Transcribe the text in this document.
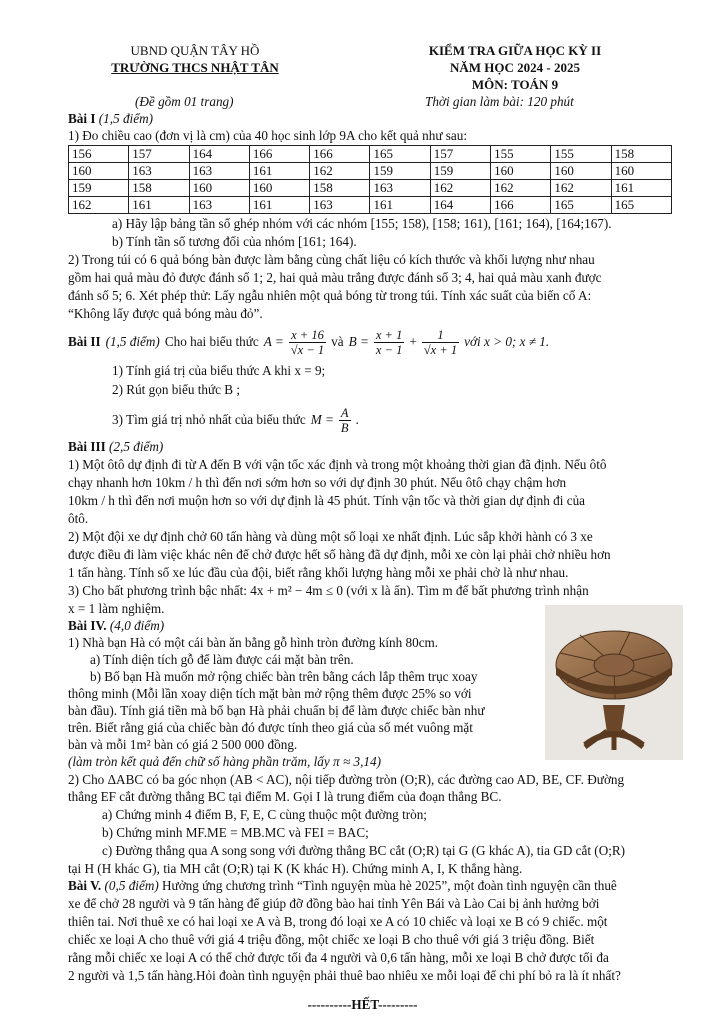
UBND QUẬN TÂY HỒ
TRƯỜNG THCS NHẬT TÂN
(Đề gồm 01 trang)
KIỂM TRA GIỮA HỌC KỲ II
NĂM HỌC 2024 - 2025
MÔN: TOÁN 9
Thời gian làm bài: 120 phút
Bài I (1,5 điểm)
1) Đo chiều cao (đơn vị là cm) của 40 học sinh lớp 9A cho kết quả như sau:
156	157	164	166	166	165	157	155	155	158
160	163	163	161	162	159	159	160	160	160
159	158	160	160	158	163	162	162	162	161
162	161	163	161	163	161	164	166	165	165
a) Hãy lập bảng tần số ghép nhóm với các nhóm [155; 158), [158; 161), [161; 164), [164;167).
b) Tính tần số tương đối của nhóm [161; 164).
2) Trong túi có 6 quả bóng bàn được làm bằng cùng chất liệu có kích thước và khối lượng như nhau
gồm hai quả màu đỏ được đánh số 1; 2, hai quả màu trắng được đánh số 3; 4, hai quả màu xanh được
đánh số 5; 6. Xét phép thử: Lấy ngẫu nhiên một quả bóng từ trong túi. Tính xác suất của biến cố A:
“Không lấy được quả bóng màu đỏ”.
Bài II (1,5 điểm) Cho hai biểu thức $A = \frac{x + 16}{√x - 1}$ và $B = \frac{x + 1}{x - 1} + \frac{1}{√x + 1}$ với x > 0; x ≠ 1.
1) Tính giá trị của biểu thức A khi x = 9;
2) Rút gọn biểu thức B ;
3) Tìm giá trị nhỏ nhất của biểu thức $M = \frac{A}{B}$ .
Bài III (2,5 điểm)
1) Một ôtô dự định đi từ A đến B với vận tốc xác định và trong một khoảng thời gian đã định. Nếu ôtô
chạy nhanh hơn 10km / h thì đến nơi sớm hơn so với dự định 30 phút. Nếu ôtô chạy chậm hơn
10km / h thì đến nơi muộn hơn so với dự định là 45 phút. Tính vận tốc và thời gian dự định đi của
ôtô.
2) Một đội xe dự định chở 60 tấn hàng và dùng một số loại xe nhất định. Lúc sắp khởi hành có 3 xe
được điều đi làm việc khác nên để chở được hết số hàng đã dự định, mỗi xe còn lại phải chở nhiều hơn
1 tấn hàng. Tính số xe lúc đầu của đội, biết rằng khối lượng hàng mỗi xe phải chở là như nhau.
3) Cho bất phương trình bậc nhất: 4x + m² − 4m ≤ 0 (với x là ẩn). Tìm m để bất phương trình nhận
x = 1 làm nghiệm.
Bài IV. (4,0 điểm)
1) Nhà bạn Hà có một cái bàn ăn bằng gỗ hình tròn đường kính 80cm.
a) Tính diện tích gỗ để làm được cái mặt bàn trên.
b) Bố bạn Hà muốn mở rộng chiếc bàn trên bằng cách lắp thêm trục xoay
thông minh (Mỗi lần xoay diện tích mặt bàn mở rộng thêm được 25% so với
bàn đầu). Tính giá tiền mà bố bạn Hà phải chuẩn bị để làm được chiếc bàn như
trên. Biết rằng giá của chiếc bàn đó được tính theo giá của số mét vuông mặt
bàn và mỗi 1m² bàn có giá 2 500 000 đồng.
(làm tròn kết quả đến chữ số hàng phần trăm, lấy π ≈ 3,14)
2) Cho ΔABC có ba góc nhọn (AB < AC), nội tiếp đường tròn (O;R), các đường cao AD, BE, CF. Đường
thẳng EF cắt đường thẳng BC tại điểm M. Gọi I là trung điểm của đoạn thẳng BC.
a) Chứng minh 4 điểm B, F, E, C cùng thuộc một đường tròn;
b) Chứng minh MF.ME = MB.MC và FEI = BAC;
c) Đường thẳng qua A song song với đường thẳng BC cắt (O;R) tại G (G khác A), tia GD cắt (O;R)
tại H (H khác G), tia MH cắt (O;R) tại K (K khác H). Chứng minh A, I, K thẳng hàng.
Bài V. (0,5 điểm) Hưởng ứng chương trình “Tình nguyện mùa hè 2025”, một đoàn tình nguyện cần thuê
xe để chở 28 người và 9 tấn hàng để giúp đỡ đồng bào hai tỉnh Yên Bái và Lào Cai bị ảnh hưởng bởi
thiên tai. Nơi thuê xe có hai loại xe A và B, trong đó loại xe A có 10 chiếc và loại xe B có 9 chiếc. một
chiếc xe loại A cho thuê với giá 4 triệu đồng, một chiếc xe loại B cho thuê với giá 3 triệu đồng. Biết
rằng mỗi chiếc xe loại A có thể chở được tối đa 4 người và 0,6 tấn hàng, mỗi xe loại B chở được tối đa
2 người và 1,5 tấn hàng.Hỏi đoàn tình nguyện phải thuê bao nhiêu xe mỗi loại để chi phí bỏ ra là ít nhất?
----------HẾT---------
